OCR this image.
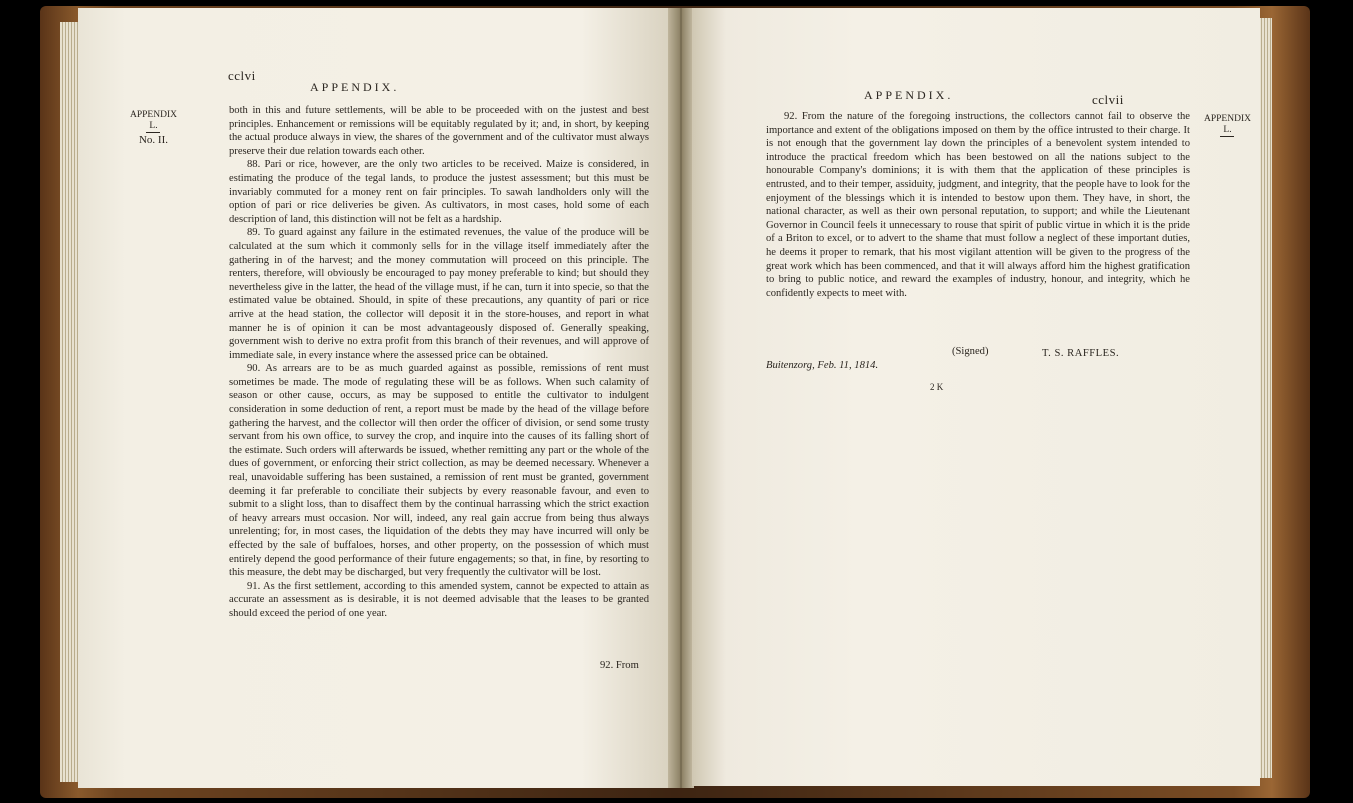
cclvi
APPENDIX.
APPENDIX

L.
No. II.

both in this and future settlements, will be able to be proceeded with on the justest and best principles. Enhancement or remissions will be equitably regulated by it; and, in short, by keeping the actual produce always in view, the shares of the government and of the cultivator must always preserve their due relation towards each other.

88. Pari or rice, however, are the only two articles to be received. Maize is considered, in estimating the produce of the tegal lands, to produce the justest assessment; but this must be invariably commuted for a money rent on fair principles. To sawah landholders only will the option of pari or rice deliveries be given. As cultivators, in most cases, hold some of each description of land, this distinction will not be felt as a hardship.

89. To guard against any failure in the estimated revenues, the value of the produce will be calculated at the sum which it commonly sells for in the village itself immediately after the gathering in of the harvest; and the money commutation will proceed on this principle. The renters, therefore, will obviously be encouraged to pay money preferable to kind; but should they nevertheless give in the latter, the head of the village must, if he can, turn it into specie, so that the estimated value be obtained. Should, in spite of these precautions, any quantity of pari or rice arrive at the head station, the collector will deposit it in the store-houses, and report in what manner he is of opinion it can be most advantageously disposed of. Generally speaking, government wish to derive no extra profit from this branch of their revenues, and will approve of immediate sale, in every instance where the assessed price can be obtained.

90. As arrears are to be as much guarded against as possible, remissions of rent must sometimes be made. The mode of regulating these will be as follows. When such calamity of season or other cause, occurs, as may be supposed to entitle the cultivator to indulgent consideration in some deduction of rent, a report must be made by the head of the village before gathering the harvest, and the collector will then order the officer of division, or send some trusty servant from his own office, to survey the crop, and inquire into the causes of its falling short of the estimate. Such orders will afterwards be issued, whether remitting any part or the whole of the dues of government, or enforcing their strict collection, as may be deemed necessary. Whenever a real, unavoidable suffering has been sustained, a remission of rent must be granted, government deeming it far preferable to conciliate their subjects by every reasonable favour, and even to submit to a slight loss, than to disaffect them by the continual harrassing which the strict exaction of heavy arrears must occasion. Nor will, indeed, any real gain accrue from being thus always unrelenting; for, in most cases, the liquidation of the debts they may have incurred will only be effected by the sale of buffaloes, horses, and other property, on the possession of which must entirely depend the good performance of their future engagements; so that, in fine, by resorting to this measure, the debt may be discharged, but very frequently the cultivator will be lost.

91. As the first settlement, according to this amended system, cannot be expected to attain as accurate an assessment as is desirable, it is not deemed advisable that the leases to be granted should exceed the period of one year.

92. From
APPENDIX.	cclvii
APPENDIX

L.

92. From the nature of the foregoing instructions, the collectors cannot fail to observe the importance and extent of the obligations imposed on them by the office intrusted to their charge. It is not enough that the government lay down the principles of a benevolent system intended to introduce the practical freedom which has been bestowed on all the nations subject to the honourable Company's dominions; it is with them that the application of these principles is entrusted, and to their temper, assiduity, judgment, and integrity, that the people have to look for the enjoyment of the blessings which it is intended to bestow upon them. They have, in short, the national character, as well as their own personal reputation, to support; and while the Lieutenant Governor in Council feels it unnecessary to rouse that spirit of public virtue in which it is the pride of a Briton to excel, or to advert to the shame that must follow a neglect of these important duties, he deems it proper to remark, that his most vigilant attention will be given to the progress of the great work which has been commenced, and that it will always afford him the highest gratification to bring to public notice, and reward the examples of industry, honour, and integrity, which he confidently expects to meet with.

(Signed)	T. S. RAFFLES.
Buitenzorg, Feb. 11, 1814.
2 K
